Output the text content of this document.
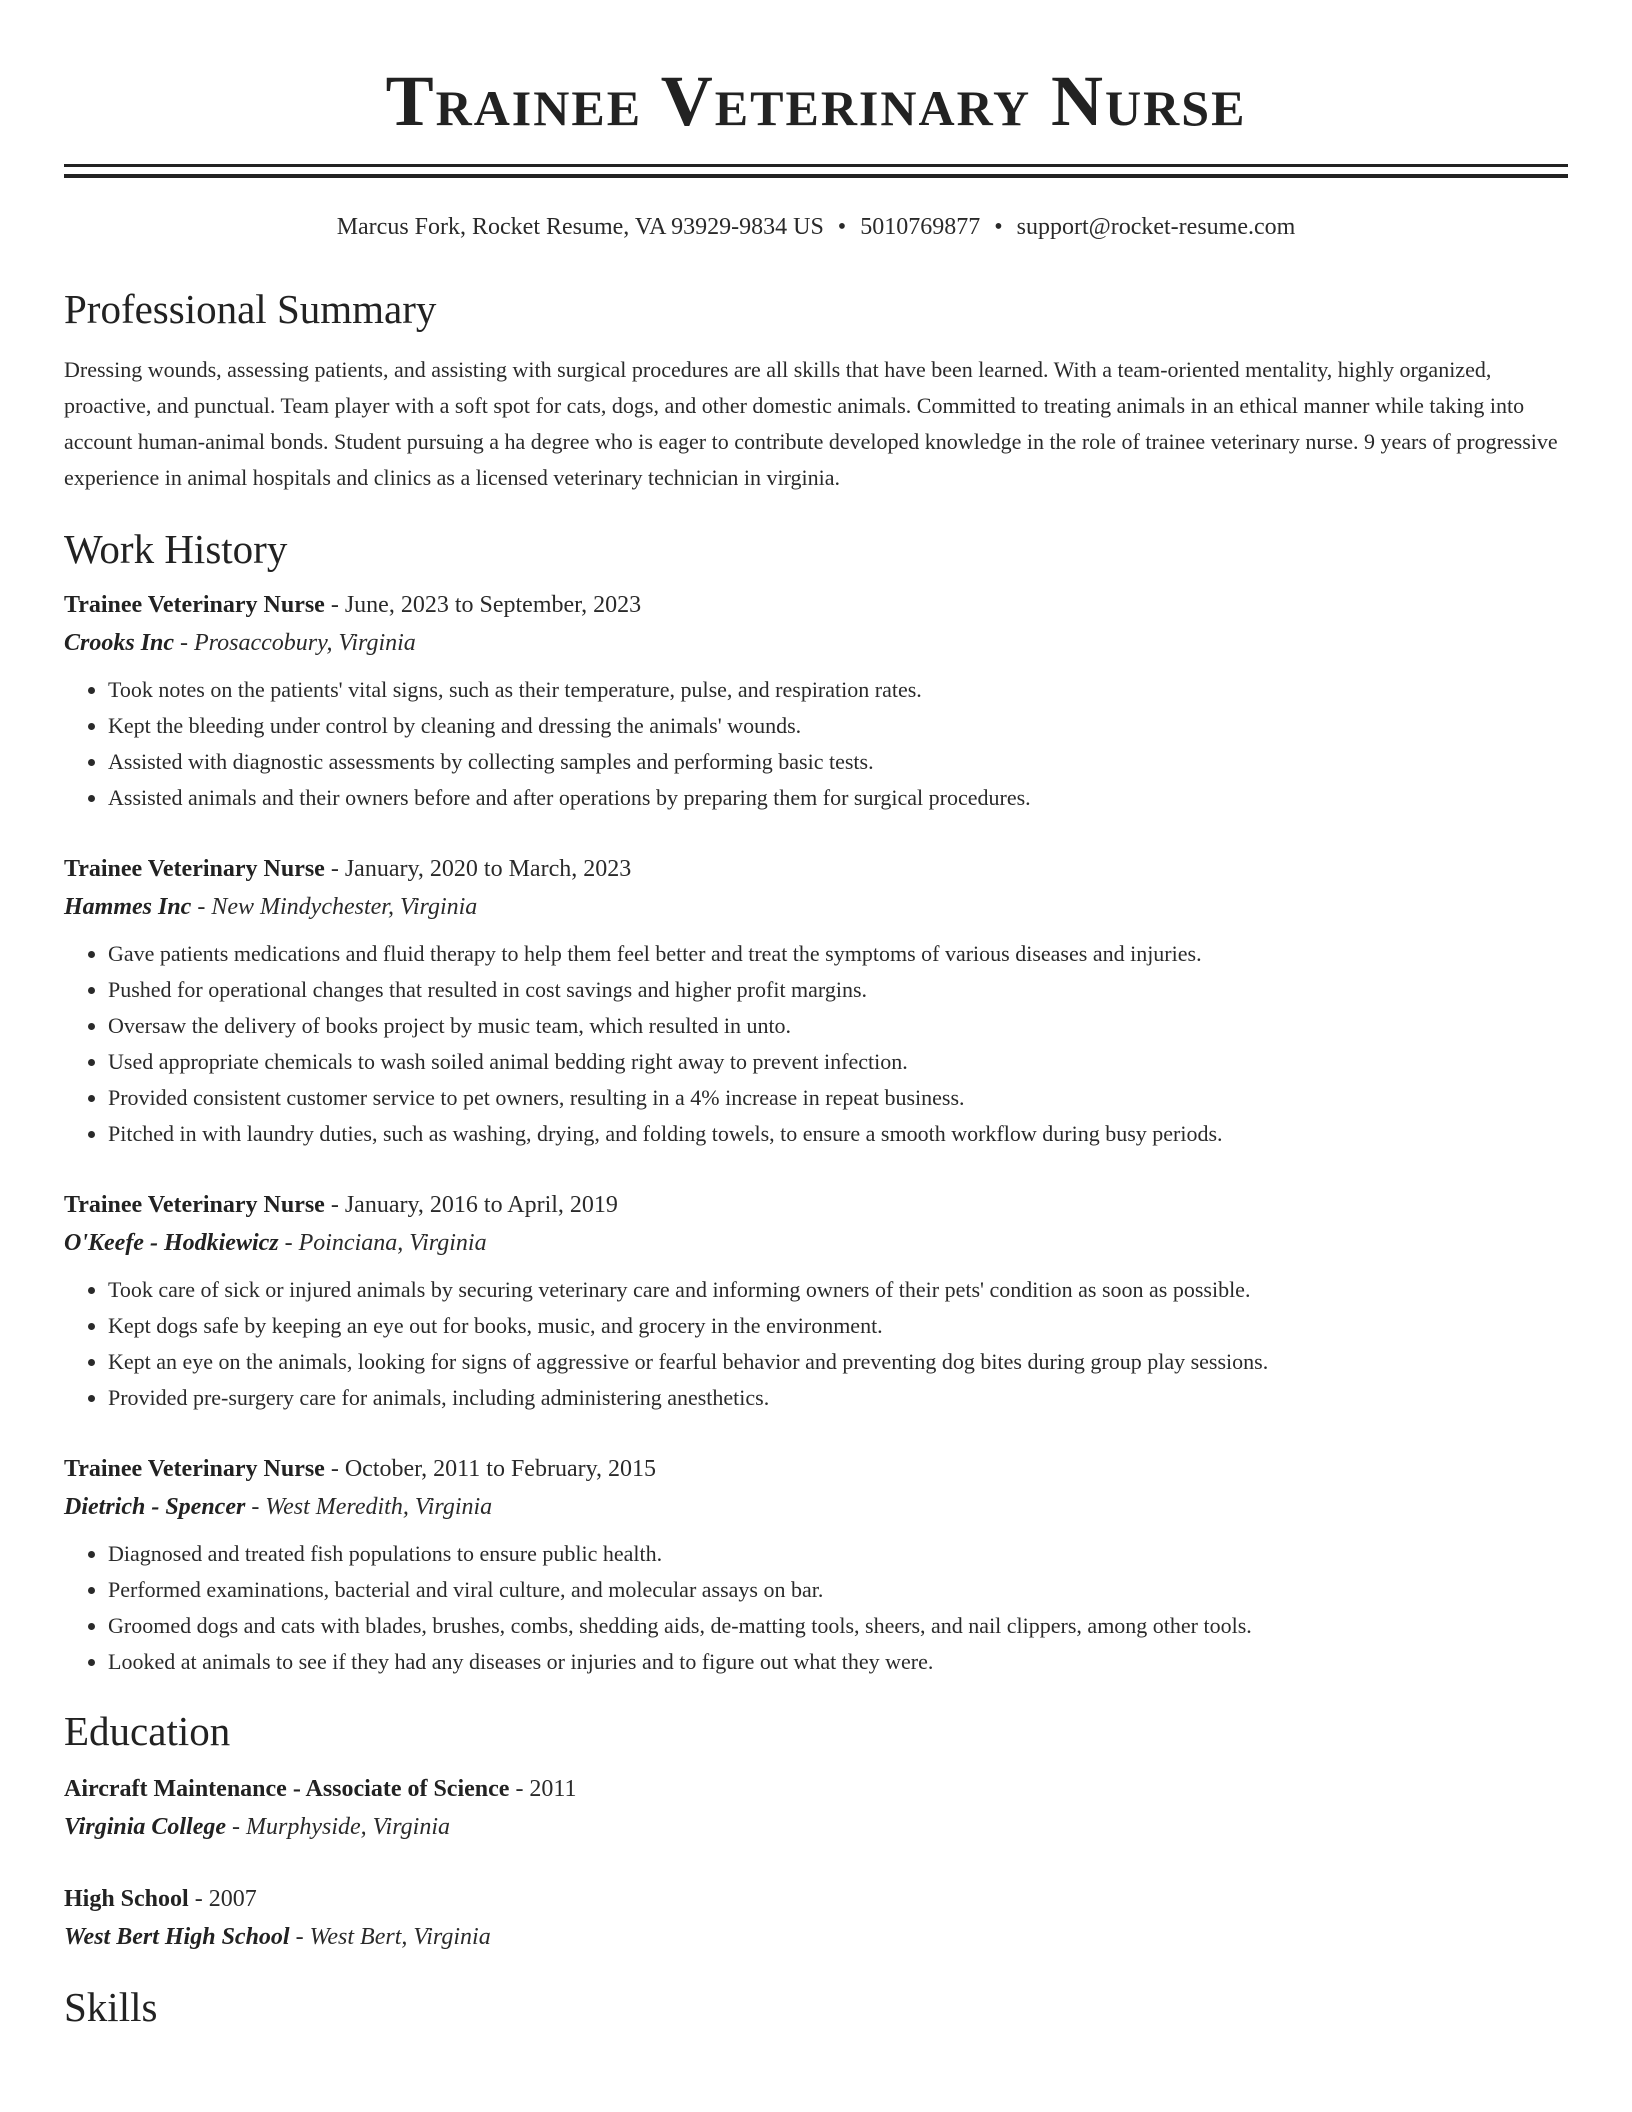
Trainee Veterinary Nurse
Marcus Fork, Rocket Resume, VA 93929-9834 US • 5010769877 • support@rocket-resume.com
Professional Summary

Dressing wounds, assessing patients, and assisting with surgical procedures are all skills that have been learned. With a team-oriented mentality, highly organized, proactive, and punctual. Team player with a soft spot for cats, dogs, and other domestic animals. Committed to treating animals in an ethical manner while taking into account human-animal bonds. Student pursuing a ha degree who is eager to contribute developed knowledge in the role of trainee veterinary nurse. 9 years of progressive experience in animal hospitals and clinics as a licensed veterinary technician in virginia.

Work History
Trainee Veterinary Nurse - June, 2023 to September, 2023
Crooks Inc - Prosaccobury, Virginia
• Took notes on the patients' vital signs, such as their temperature, pulse, and respiration rates.
• Kept the bleeding under control by cleaning and dressing the animals' wounds.
• Assisted with diagnostic assessments by collecting samples and performing basic tests.
• Assisted animals and their owners before and after operations by preparing them for surgical procedures.
Trainee Veterinary Nurse - January, 2020 to March, 2023
Hammes Inc - New Mindychester, Virginia
• Gave patients medications and fluid therapy to help them feel better and treat the symptoms of various diseases and injuries.
• Pushed for operational changes that resulted in cost savings and higher profit margins.
• Oversaw the delivery of books project by music team, which resulted in unto.
• Used appropriate chemicals to wash soiled animal bedding right away to prevent infection.
• Provided consistent customer service to pet owners, resulting in a 4% increase in repeat business.
• Pitched in with laundry duties, such as washing, drying, and folding towels, to ensure a smooth workflow during busy periods.
Trainee Veterinary Nurse - January, 2016 to April, 2019
O'Keefe - Hodkiewicz - Poinciana, Virginia
• Took care of sick or injured animals by securing veterinary care and informing owners of their pets' condition as soon as possible.
• Kept dogs safe by keeping an eye out for books, music, and grocery in the environment.
• Kept an eye on the animals, looking for signs of aggressive or fearful behavior and preventing dog bites during group play sessions.
• Provided pre-surgery care for animals, including administering anesthetics.
Trainee Veterinary Nurse - October, 2011 to February, 2015
Dietrich - Spencer - West Meredith, Virginia
• Diagnosed and treated fish populations to ensure public health.
• Performed examinations, bacterial and viral culture, and molecular assays on bar.
• Groomed dogs and cats with blades, brushes, combs, shedding aids, de-matting tools, sheers, and nail clippers, among other tools.
• Looked at animals to see if they had any diseases or injuries and to figure out what they were.
Education
Aircraft Maintenance - Associate of Science - 2011
Virginia College - Murphyside, Virginia
High School - 2007
West Bert High School - West Bert, Virginia
Skills
